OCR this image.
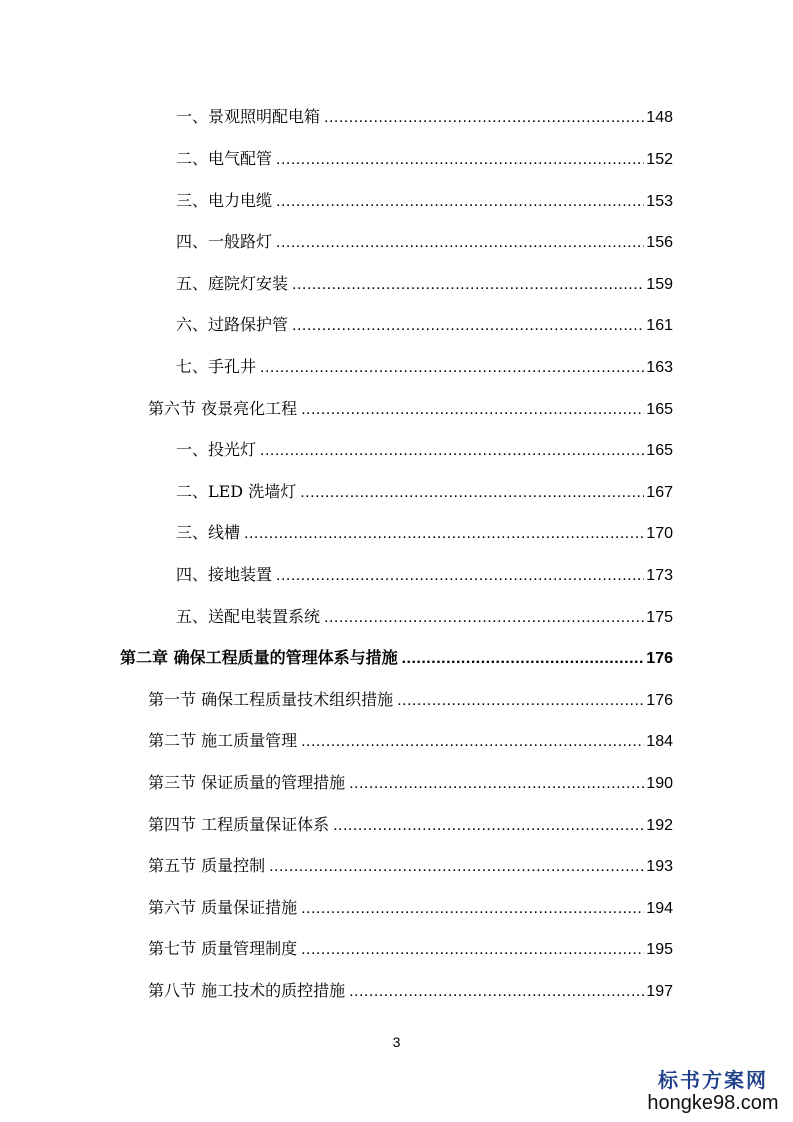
一、景观照明配电箱 .....	148
二、电气配管 .....	152
三、电力电缆 .....	153
四、一般路灯 .....	156
五、庭院灯安装 .....	159
六、过路保护管 .....	161
七、手孔井 .....	163
第六节 夜景亮化工程 .....	165
一、投光灯 .....	165
二、LED 洗墙灯 .....	167
三、线槽 .....	170
四、接地装置 .....	173
五、送配电装置系统 .....	175
第二章 确保工程质量的管理体系与措施 .....	176
第一节 确保工程质量技术组织措施 .....	176
第二节 施工质量管理 .....	184
第三节 保证质量的管理措施 .....	190
第四节 工程质量保证体系 .....	192
第五节 质量控制 .....	193
第六节 质量保证措施 .....	194
第七节 质量管理制度 .....	195
第八节 施工技术的质控措施 .....	197
3
标书方案网
hongke98.com
